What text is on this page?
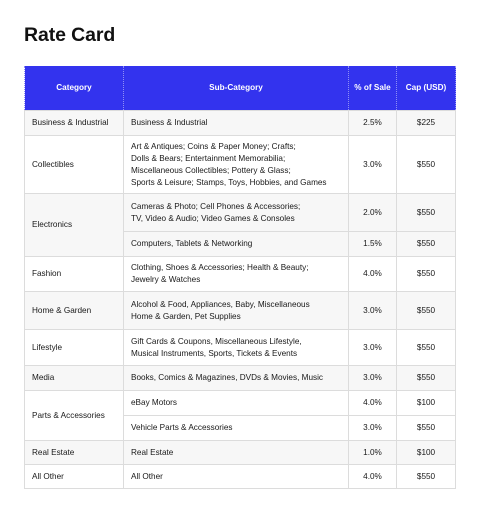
Rate Card
Category	Sub-Category	% of Sale	Cap (USD)
Business & Industrial	Business & Industrial	2.5%	$225
Collectibles	Art & Antiques; Coins & Paper Money; Crafts;
Dolls & Bears; Entertainment Memorabilia;
Miscellaneous Collectibles; Pottery & Glass;
Sports & Leisure; Stamps, Toys, Hobbies, and Games	3.0%	$550
Electronics	Cameras & Photo; Cell Phones & Accessories;
TV, Video & Audio; Video Games & Consoles	2.0%	$550

	Computers, Tablets & Networking	1.5%	$550
Fashion	Clothing, Shoes & Accessories; Health & Beauty;
Jewelry & Watches	4.0%	$550
Home & Garden	Alcohol & Food, Appliances, Baby, Miscellaneous
Home & Garden, Pet Supplies	3.0%	$550
Lifestyle	Gift Cards & Coupons, Miscellaneous Lifestyle,
Musical Instruments, Sports, Tickets & Events	3.0%	$550
Media	Books, Comics & Magazines, DVDs & Movies, Music	3.0%	$550
Parts & Accessories	eBay Motors	4.0%	$100

	Vehicle Parts & Accessories	3.0%	$550
Real Estate	Real Estate	1.0%	$100
All Other	All Other	4.0%	$550
